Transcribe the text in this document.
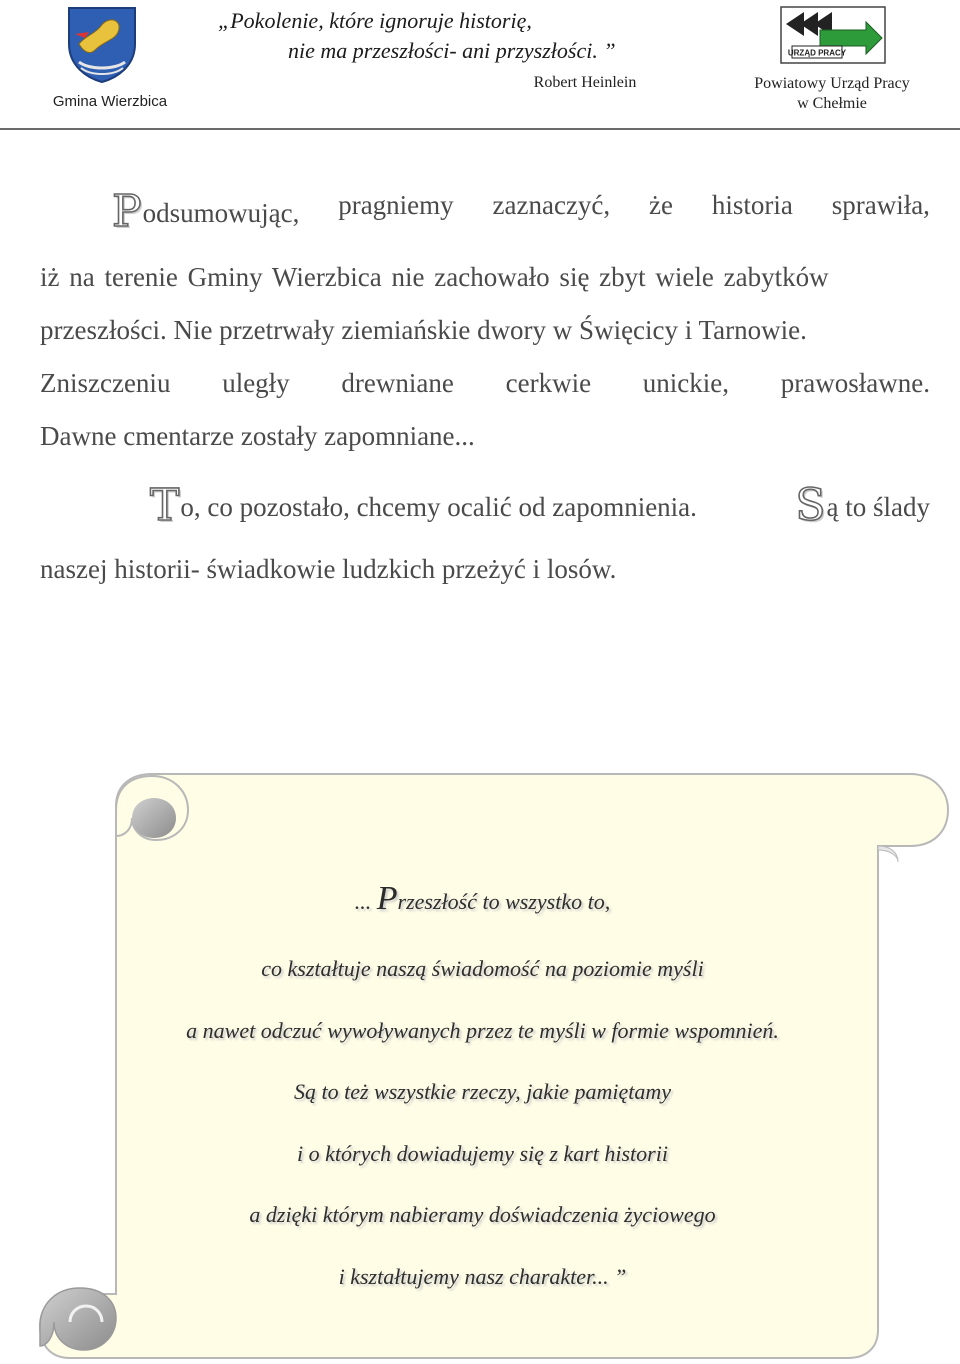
Gmina Wierzbica
„Pokolenie, które ignoruje historię,
nie ma przeszłości- ani przyszłości. ”
Robert Heinlein
URZĄD PRACY
Powiatowy Urząd Pracy
w Chełmie
Podsumowując, pragniemy zaznaczyć, że historia sprawiła,
iż na terenie Gminy Wierzbica nie zachowało się zbyt wiele zabytków
przeszłości. Nie przetrwały ziemiańskie dwory w Święcicy i Tarnowie.
Zniszczeniu uległy drewniane cerkwie unickie, prawosławne.
Dawne cmentarze zostały zapomniane...
To, co pozostało, chcemy ocalić od zapomnienia. Są to ślady
naszej historii- świadkowie ludzkich przeżyć i losów.
... Przeszłość to wszystko to,
co kształtuje naszą świadomość na poziomie myśli
a nawet odczuć wywoływanych przez te myśli w formie wspomnień.
Są to też wszystkie rzeczy, jakie pamiętamy
i o których dowiadujemy się z kart historii
a dzięki którym nabieramy doświadczenia życiowego
i kształtujemy nasz charakter... ”
